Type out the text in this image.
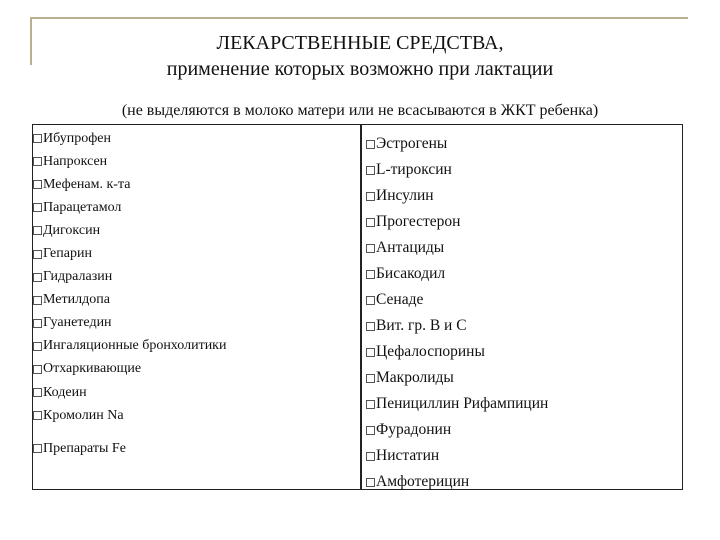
ЛЕКАРСТВЕННЫЕ СРЕДСТВА,
применение которых возможно при лактации
(не выделяются в молоко матери или не всасываются в ЖКТ ребенка)
Ибупрофен
Напроксен
Мефенам. к-та
Парацетамол
Дигоксин
Гепарин
Гидралазин
Метилдопа
Гуанетедин
Ингаляционные бронхолитики
Отхаркивающие
Кодеин
Кромолин Na
Препараты Fe
Эстрогены
L-тироксин
Инсулин
Прогестерон
Антациды
Бисакодил
Сенаде
Вит. гр. В и С
Цефалоспорины
Макролиды
Пенициллин Рифампицин
Фурадонин
Нистатин
Амфотерицин
